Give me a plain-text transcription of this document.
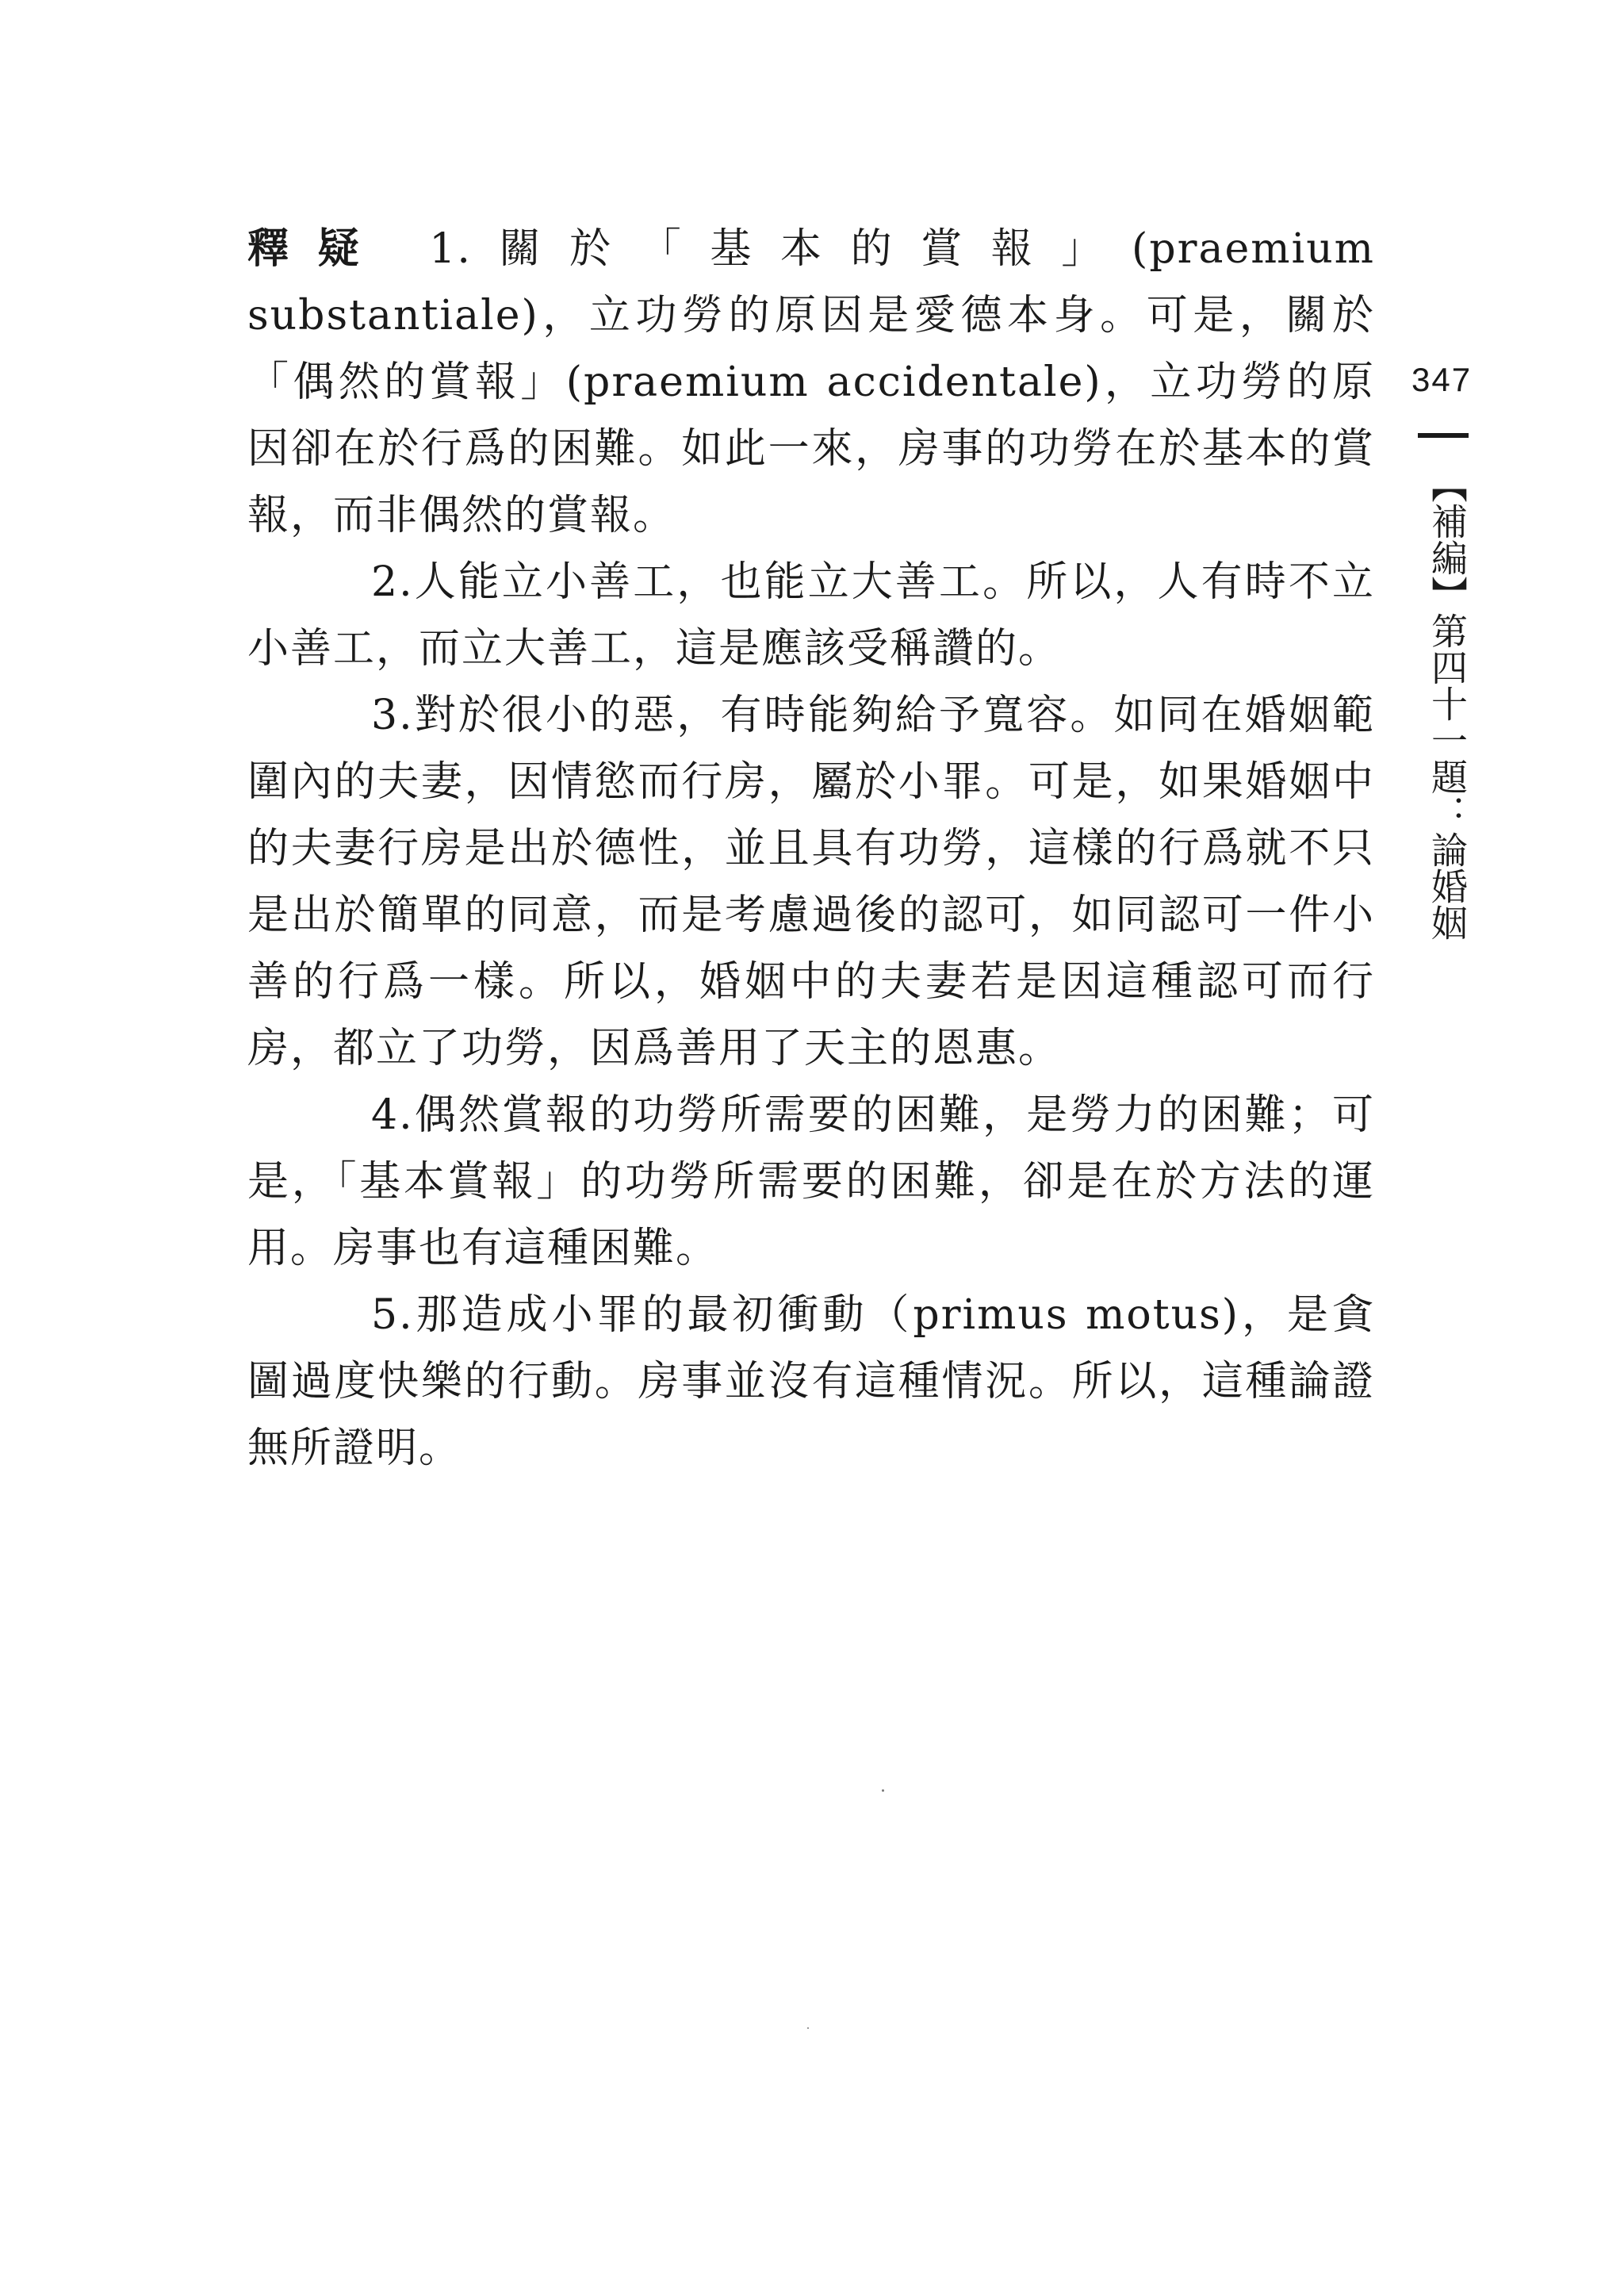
釋疑 1.關於「基本的賞報」(praemium substantiale)，立功勞的原因是愛德本身。可是，關於「偶然的賞報」(praemium accidentale)，立功勞的原因卻在於行爲的困難。如此一來，房事的功勞在於基本的賞報，而非偶然的賞報。

2.人能立小善工，也能立大善工。所以，人有時不立小善工，而立大善工，這是應該受稱讚的。

3.對於很小的惡，有時能夠給予寬容。如同在婚姻範圍內的夫妻，因情慾而行房，屬於小罪。可是，如果婚姻中的夫妻行房是出於德性，並且具有功勞，這樣的行爲就不只是出於簡單的同意，而是考慮過後的認可，如同認可一件小善的行爲一樣。所以，婚姻中的夫妻若是因這種認可而行房，都立了功勞，因爲善用了天主的恩惠。

4.偶然賞報的功勞所需要的困難，是勞力的困難；可是，「基本賞報」的功勞所需要的困難，卻是在於方法的運用。房事也有這種困難。

5.那造成小罪的最初衝動（primus motus)，是貪圖過度快樂的行動。房事並沒有這種情況。所以，這種論證無所證明。

347
【補編】第四十一題：論婚姻
